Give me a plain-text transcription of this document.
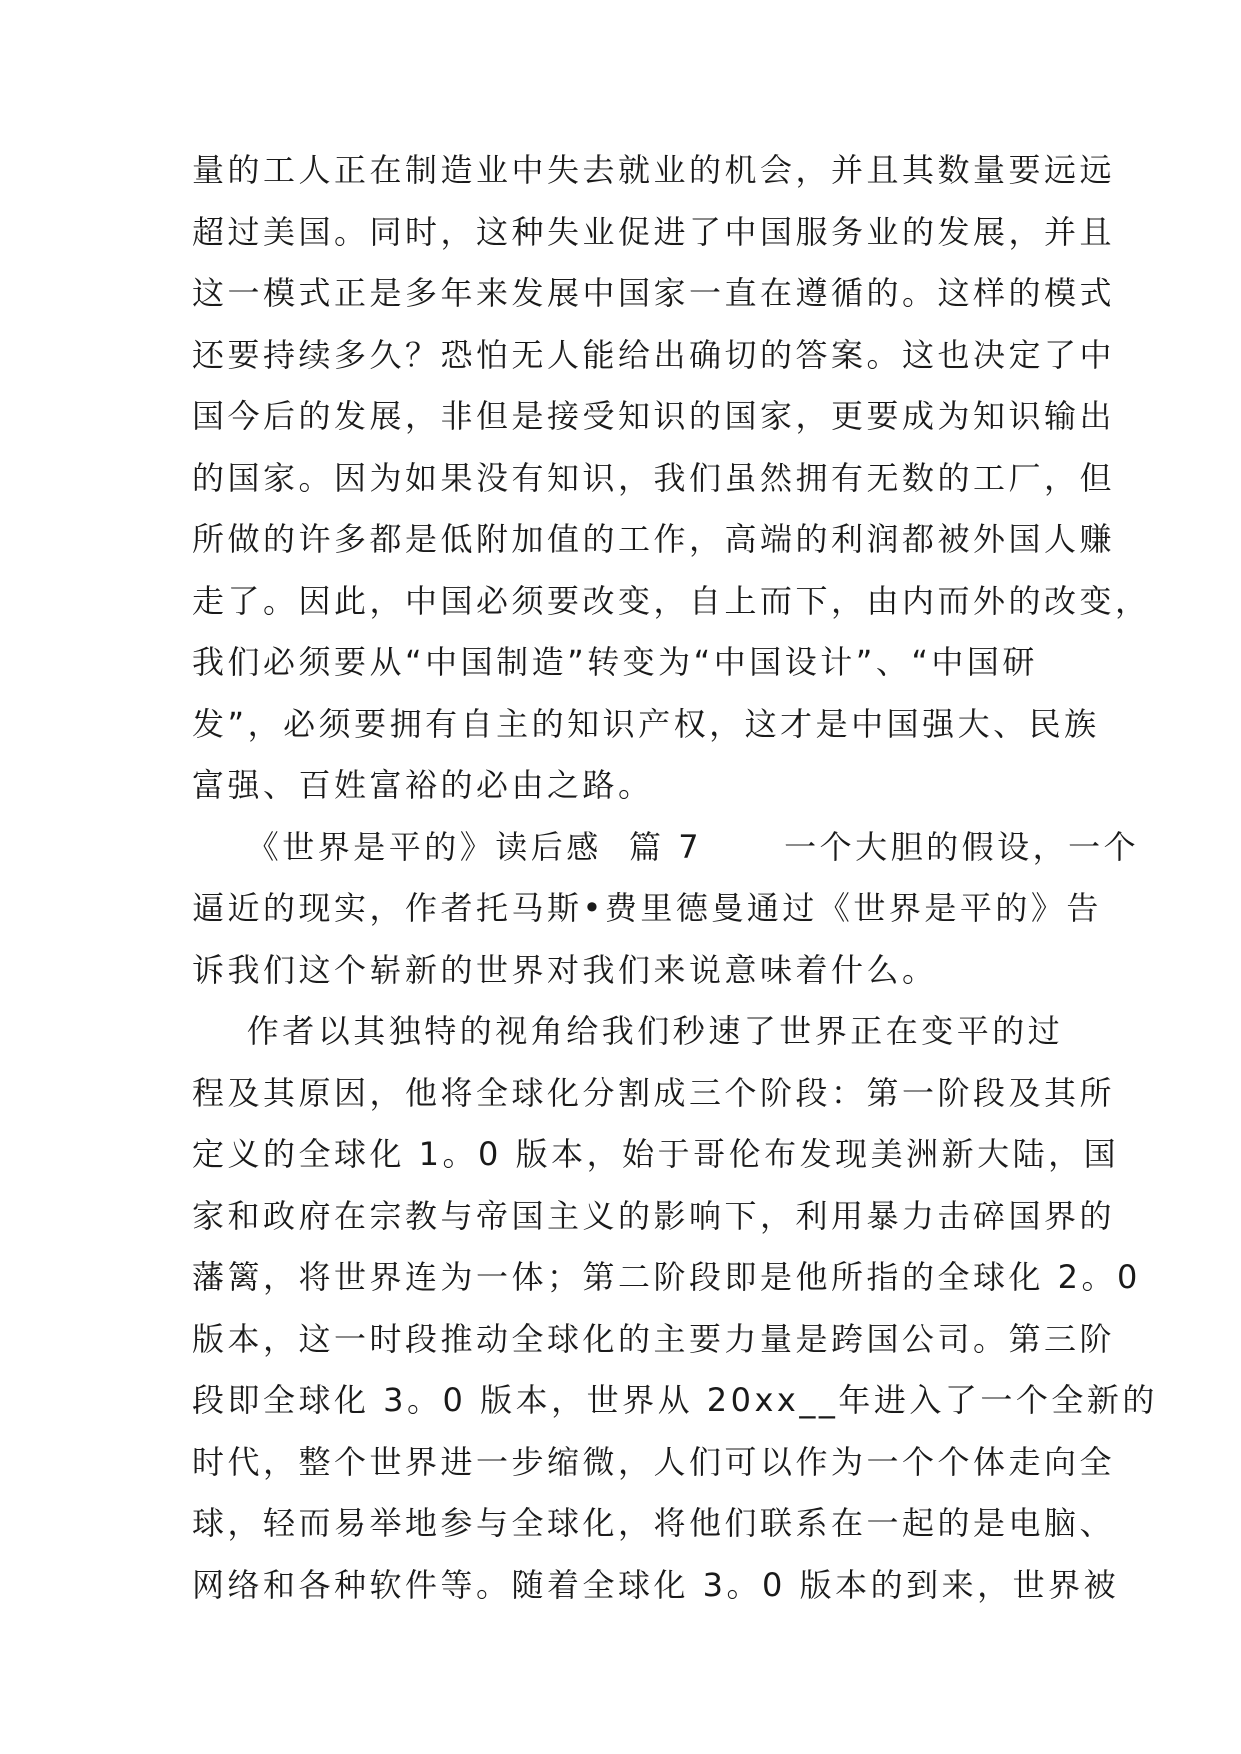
量的工人正在制造业中失去就业的机会，并且其数量要远远
超过美国。同时，这种失业促进了中国服务业的发展，并且
这一模式正是多年来发展中国家一直在遵循的。这样的模式
还要持续多久？恐怕无人能给出确切的答案。这也决定了中
国今后的发展，非但是接受知识的国家，更要成为知识输出
的国家。因为如果没有知识，我们虽然拥有无数的工厂，但
所做的许多都是低附加值的工作，高端的利润都被外国人赚
走了。因此，中国必须要改变，自上而下，由内而外的改变，
我们必须要从“中国制造”转变为“中国设计”、“中国研
发”，必须要拥有自主的知识产权，这才是中国强大、民族
富强、百姓富裕的必由之路。
《世界是平的》读后感  篇 7      一个大胆的假设，一个
逼近的现实，作者托马斯•费里德曼通过《世界是平的》告
诉我们这个崭新的世界对我们来说意味着什么。
作者以其独特的视角给我们秒速了世界正在变平的过
程及其原因，他将全球化分割成三个阶段：第一阶段及其所
定义的全球化 1。0 版本，始于哥伦布发现美洲新大陆，国
家和政府在宗教与帝国主义的影响下，利用暴力击碎国界的
藩篱，将世界连为一体；第二阶段即是他所指的全球化 2。0
版本，这一时段推动全球化的主要力量是跨国公司。第三阶
段即全球化 3。0 版本，世界从 20xx__年进入了一个全新的
时代，整个世界进一步缩微，人们可以作为一个个体走向全
球，轻而易举地参与全球化，将他们联系在一起的是电脑、
网络和各种软件等。随着全球化 3。0 版本的到来，世界被
